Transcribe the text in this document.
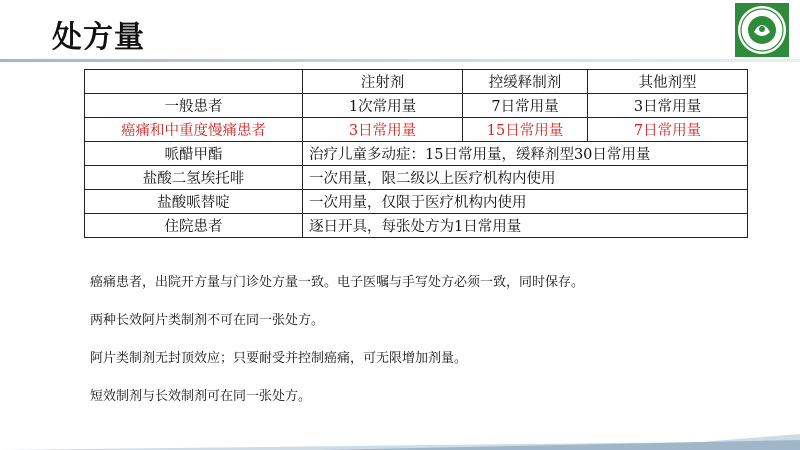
处方量
	注射剂	控缓释制剂	其他剂型
一般患者	1次常用量	7日常用量	3日常用量
癌痛和中重度慢痛患者	3日常用量	15日常用量	7日常用量
哌醋甲酯	治疗儿童多动症：15日常用量，缓释剂型30日常用量		
盐酸二氢埃托啡	一次用量，限二级以上医疗机构内使用		
盐酸哌替啶	一次用量，仅限于医疗机构内使用		
住院患者	逐日开具，每张处方为1日常用量		

癌痛患者，出院开方量与门诊处方量一致。电子医嘱与手写处方必须一致，同时保存。

两种长效阿片类制剂不可在同一张处方。

阿片类制剂无封顶效应；只要耐受并控制癌痛，可无限增加剂量。

短效制剂与长效制剂可在同一张处方。
